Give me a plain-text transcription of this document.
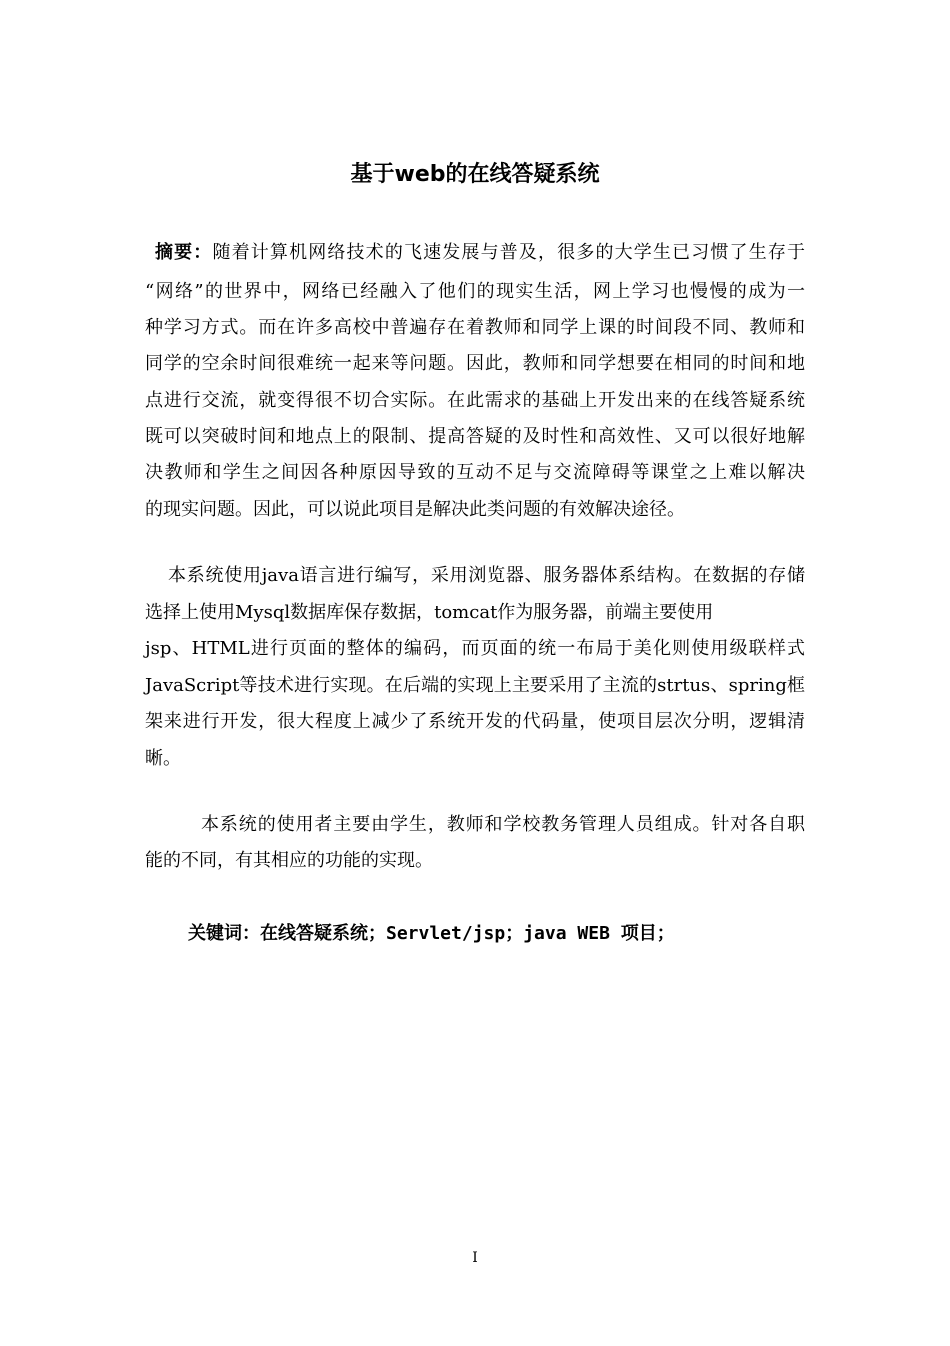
基于web的在线答疑系统
摘要：随着计算机网络技术的飞速发展与普及，很多的大学生已习惯了生存于
“网络”的世界中，网络已经融入了他们的现实生活，网上学习也慢慢的成为一
种学习方式。而在许多高校中普遍存在着教师和同学上课的时间段不同、教师和
同学的空余时间很难统一起来等问题。因此，教师和同学想要在相同的时间和地
点进行交流，就变得很不切合实际。在此需求的基础上开发出来的在线答疑系统
既可以突破时间和地点上的限制、提高答疑的及时性和高效性、又可以很好地解
决教师和学生之间因各种原因导致的互动不足与交流障碍等课堂之上难以解决
的现实问题。因此，可以说此项目是解决此类问题的有效解决途径。
本系统使用java语言进行编写，采用浏览器、服务器体系结构。在数据的存储
选择上使用Mysql数据库保存数据，tomcat作为服务器，前端主要使用
jsp、HTML进行页面的整体的编码，而页面的统一布局于美化则使用级联样式
JavaScript等技术进行实现。在后端的实现上主要采用了主流的strtus、spring框
架来进行开发，很大程度上减少了系统开发的代码量，使项目层次分明，逻辑清
晰。
本系统的使用者主要由学生，教师和学校教务管理人员组成。针对各自职
能的不同，有其相应的功能的实现。
关键词：在线答疑系统；Servlet/jsp；java WEB 项目；
I
